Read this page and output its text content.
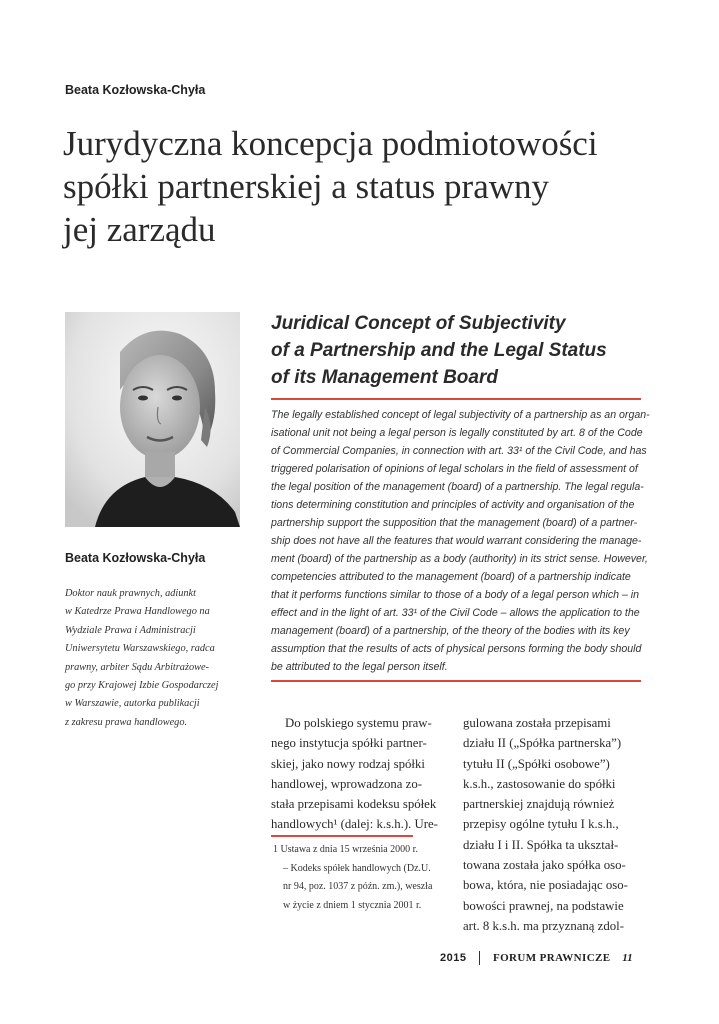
Beata Kozłowska-Chyła
Jurydyczna koncepcja podmiotowości
spółki partnerskiej a status prawny
jej zarządu
Juridical Concept of Subjectivity
of a Partnership and the Legal Status
of its Management Board
The legally established concept of legal subjectivity of a partnership as an organ-
isational unit not being a legal person is legally constituted by art. 8 of the Code
of Commercial Companies, in connection with art. 33¹ of the Civil Code, and has
triggered polarisation of opinions of legal scholars in the field of assessment of
the legal position of the management (board) of a partnership. The legal regula-
tions determining constitution and principles of activity and organisation of the
partnership support the supposition that the management (board) of a partner-
ship does not have all the features that would warrant considering the manage-
ment (board) of the partnership as a body (authority) in its strict sense. However,
competencies attributed to the management (board) of a partnership indicate
that it performs functions similar to those of a body of a legal person which – in
effect and in the light of art. 33¹ of the Civil Code – allows the application to the
management (board) of a partnership, of the theory of the bodies with its key
assumption that the results of acts of physical persons forming the body should
be attributed to the legal person itself.
Beata Kozłowska-Chyła
Doktor nauk prawnych, adiunkt
w Katedrze Prawa Handlowego na
Wydziale Prawa i Administracji
Uniwersytetu Warszawskiego, radca
prawny, arbiter Sądu Arbitrażowe-
go przy Krajowej Izbie Gospodarczej
w Warszawie, autorka publikacji
z zakresu prawa handlowego.	Do polskiego systemu praw-
nego instytucja spółki partner-
skiej, jako nowy rodzaj spółki
handlowej, wprowadzona zo-
stała przepisami kodeksu spółek
handlowych¹ (dalej: k.s.h.). Ure-
gulowana została przepisami
działu II („Spółka partnerska”)
tytułu II („Spółki osobowe”)
k.s.h., zastosowanie do spółki
partnerskiej znajdują również
przepisy ogólne tytułu I k.s.h.,
działu I i II. Spółka ta ukształ-
towana została jako spółka oso-
bowa, która, nie posiadając oso-
bowości prawnej, na podstawie
art. 8 k.s.h. ma przyznaną zdol-
1 Ustawa z dnia 15 września 2000 r.
– Kodeks spółek handlowych (Dz.U.
nr 94, poz. 1037 z późn. zm.), weszła
w życie z dniem 1 stycznia 2001 r.
2015 FORUM PRAWNICZE 11
